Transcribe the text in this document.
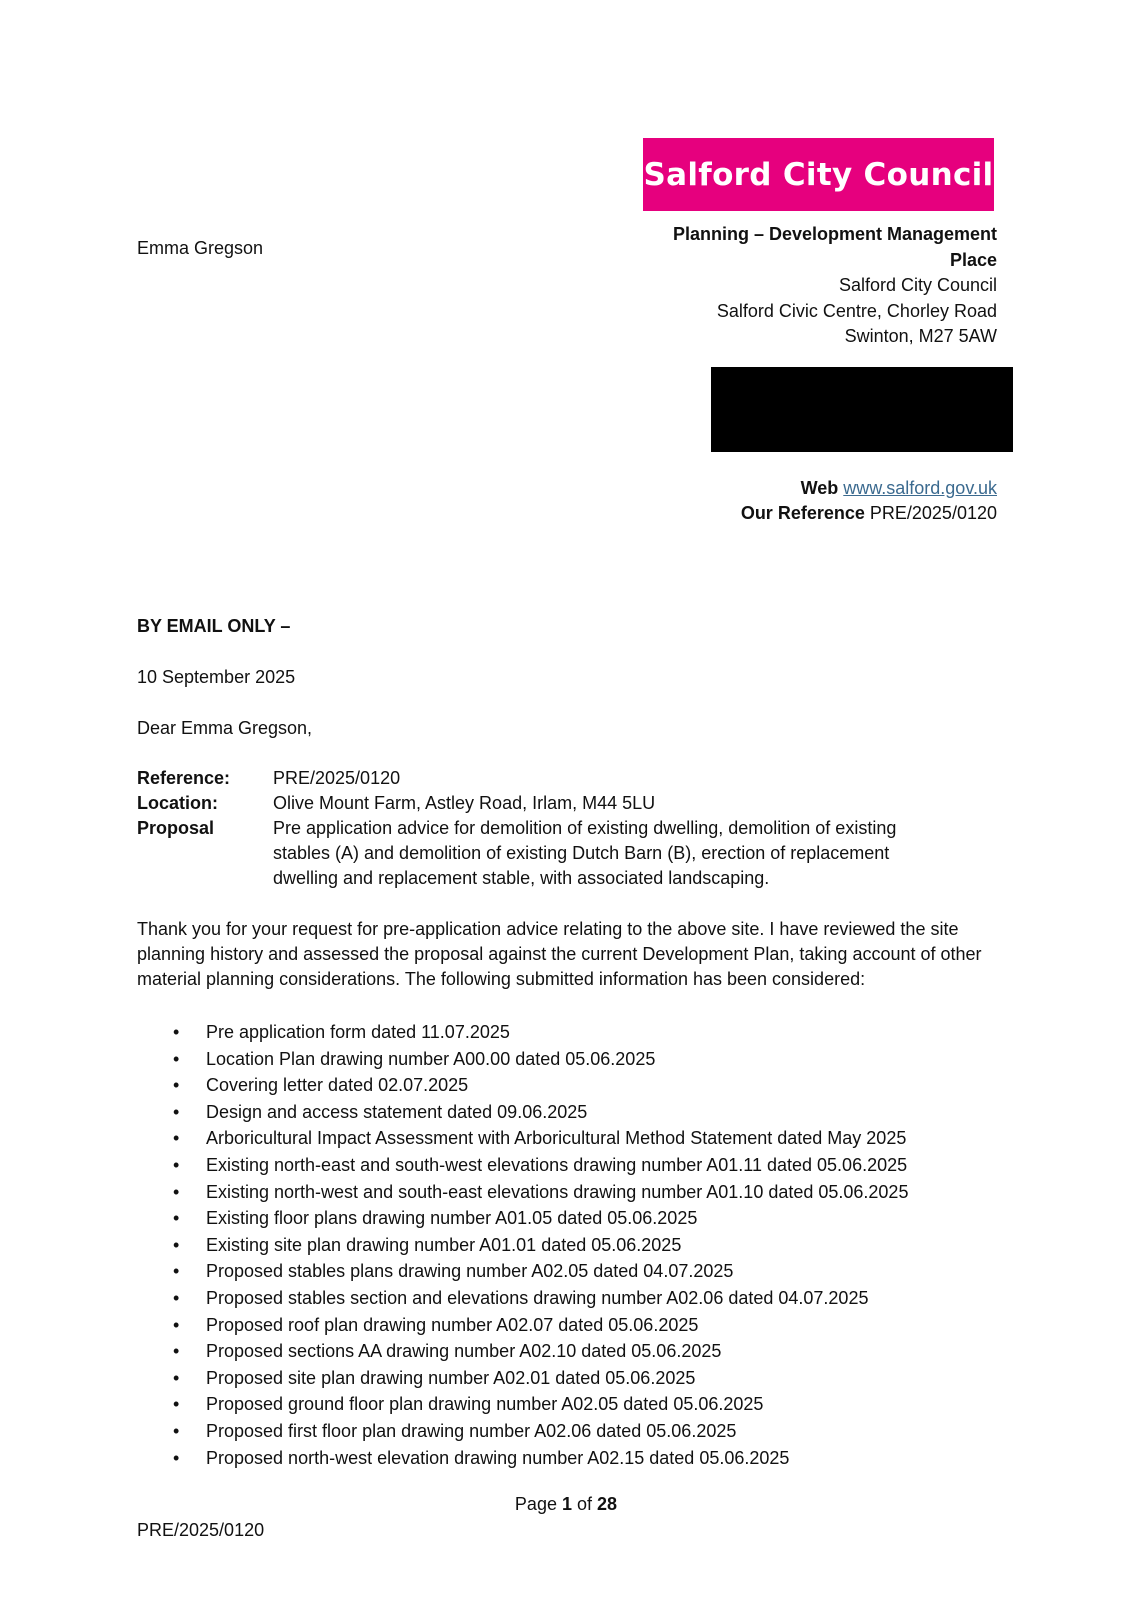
Salford City Council
Emma Gregson
Planning – Development Management
Place
Salford City Council
Salford Civic Centre, Chorley Road
Swinton, M27 5AW
Web www.salford.gov.uk
Our Reference PRE/2025/0120
BY EMAIL ONLY –
10 September 2025
Dear Emma Gregson,
Reference:	PRE/2025/0120
Location:	Olive Mount Farm, Astley Road, Irlam, M44 5LU
Proposal	Pre application advice for demolition of existing dwelling, demolition of existing stables (A) and demolition of existing Dutch Barn (B), erection of replacement dwelling and replacement stable, with associated landscaping.
Thank you for your request for pre-application advice relating to the above site. I have reviewed the site planning history and assessed the proposal against the current Development Plan, taking account of other material planning considerations. The following submitted information has been considered:
• Pre application form dated 11.07.2025
• Location Plan drawing number A00.00 dated 05.06.2025
• Covering letter dated 02.07.2025
• Design and access statement dated 09.06.2025
• Arboricultural Impact Assessment with Arboricultural Method Statement dated May 2025
• Existing north-east and south-west elevations drawing number A01.11 dated 05.06.2025
• Existing north-west and south-east elevations drawing number A01.10 dated 05.06.2025
• Existing floor plans drawing number A01.05 dated 05.06.2025
• Existing site plan drawing number A01.01 dated 05.06.2025
• Proposed stables plans drawing number A02.05 dated 04.07.2025
• Proposed stables section and elevations drawing number A02.06 dated 04.07.2025
• Proposed roof plan drawing number A02.07 dated 05.06.2025
• Proposed sections AA drawing number A02.10 dated 05.06.2025
• Proposed site plan drawing number A02.01 dated 05.06.2025
• Proposed ground floor plan drawing number A02.05 dated 05.06.2025
• Proposed first floor plan drawing number A02.06 dated 05.06.2025
• Proposed north-west elevation drawing number A02.15 dated 05.06.2025
Page 1 of 28
PRE/2025/0120
